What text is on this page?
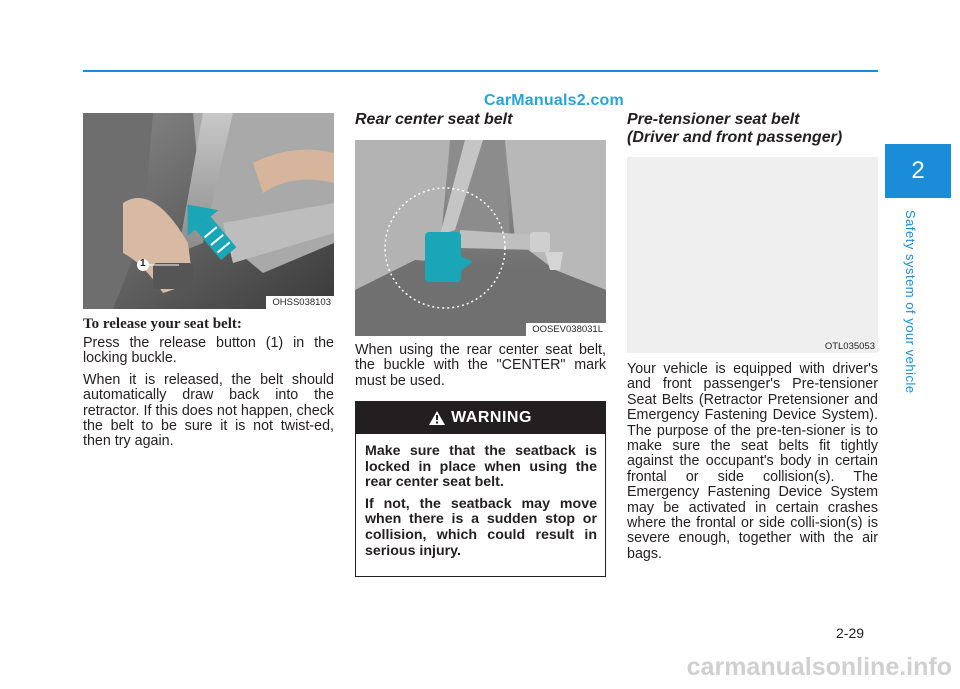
CarManuals2.com
1
OHSS038103
To release your seat belt:

Press the release button (1) in the locking buckle.

When it is released, the belt should automatically draw back into the retractor. If this does not happen, check the belt to be sure it is not twist-ed, then try again.

Rear center seat belt
OOSEV038031L
When using the rear center seat belt, the buckle with the "CENTER" mark must be used.
WARNING

Make sure that the seatback is locked in place when using the rear center seat belt.

If not, the seatback may move when there is a sudden stop or collision, which could result in serious injury.

Pre-tensioner seat belt
(Driver and front passenger)
OTL035053
Your vehicle is equipped with driver's and front passenger's Pre-tensioner Seat Belts (Retractor Pretensioner and Emergency Fastening Device System). The purpose of the pre-ten-sioner is to make sure the seat belts fit tightly against the occupant's body in certain frontal or side collision(s). The Emergency Fastening Device System may be activated in certain crashes where the frontal or side colli-sion(s) is severe enough, together with the air bags.
2
Safety system of your vehicle
2-29
carmanualsonline.info
